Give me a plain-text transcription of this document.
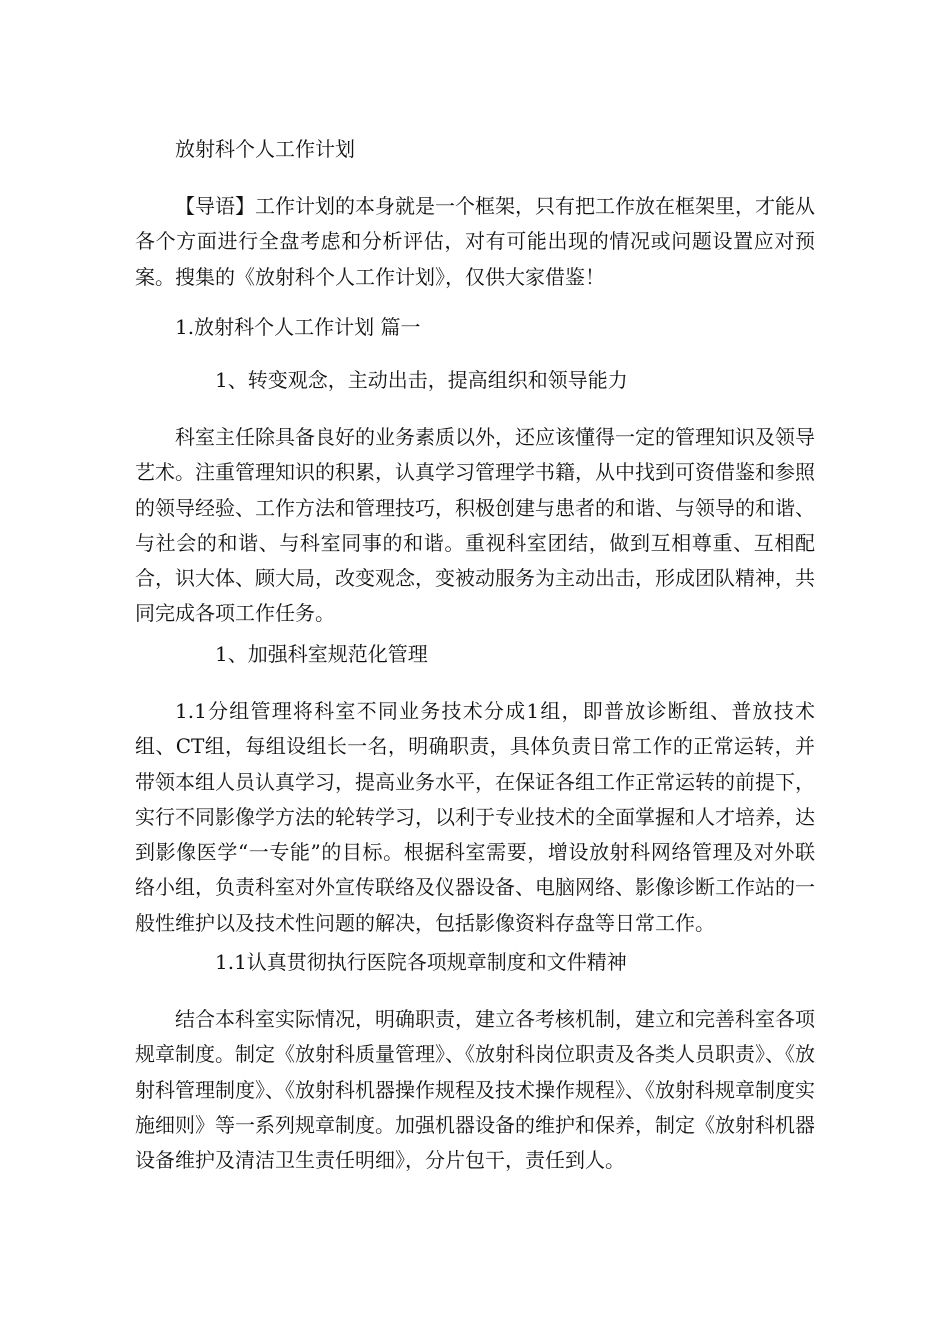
放射科个人工作计划

【导语】工作计划的本身就是一个框架，只有把工作放在框架里，才能从各个方面进行全盘考虑和分析评估，对有可能出现的情况或问题设置应对预案。搜集的《放射科个人工作计划》，仅供大家借鉴！

1.放射科个人工作计划 篇一
1、转变观念，主动出击，提高组织和领导能力

科室主任除具备良好的业务素质以外，还应该懂得一定的管理知识及领导艺术。注重管理知识的积累，认真学习管理学书籍，从中找到可资借鉴和参照的领导经验、工作方法和管理技巧，积极创建与患者的和谐、与领导的和谐、与社会的和谐、与科室同事的和谐。重视科室团结，做到互相尊重、互相配合，识大体、顾大局，改变观念，变被动服务为主动出击，形成团队精神，共同完成各项工作任务。

1、加强科室规范化管理

1.1分组管理将科室不同业务技术分成1组，即普放诊断组、普放技术组、CT组，每组设组长一名，明确职责，具体负责日常工作的正常运转，并带领本组人员认真学习，提高业务水平，在保证各组工作正常运转的前提下，实行不同影像学方法的轮转学习，以利于专业技术的全面掌握和人才培养，达到影像医学“一专能”的目标。根据科室需要，增设放射科网络管理及对外联络小组，负责科室对外宣传联络及仪器设备、电脑网络、影像诊断工作站的一般性维护以及技术性问题的解决，包括影像资料存盘等日常工作。

1.1认真贯彻执行医院各项规章制度和文件精神

结合本科室实际情况，明确职责，建立各考核机制，建立和完善科室各项规章制度。制定《放射科质量管理》、《放射科岗位职责及各类人员职责》、《放射科管理制度》、《放射科机器操作规程及技术操作规程》、《放射科规章制度实施细则》等一系列规章制度。加强机器设备的维护和保养，制定《放射科机器设备维护及清洁卫生责任明细》，分片包干，责任到人。
